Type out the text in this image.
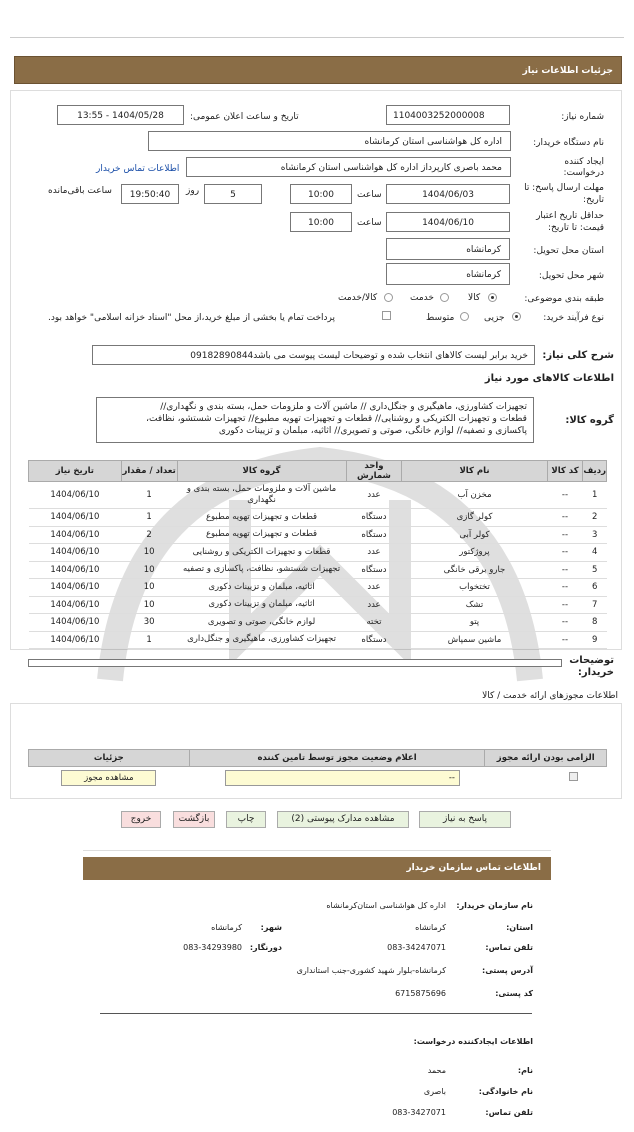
جزئیات اطلاعات نیاز
شماره نیاز:
1104003252000008
تاریخ و ساعت اعلان عمومی:
1404/05/28 - 13:55
نام دستگاه خریدار:
اداره کل هواشناسی استان کرمانشاه
ایجاد کننده
درخواست:
محمد باصری کارپرداز اداره کل هواشناسی استان کرمانشاه
اطلاعات تماس خریدار
مهلت ارسال پاسخ: تا
تاریخ:
1404/06/03
ساعت
10:00
5
روز
19:50:40
ساعت باقی‌مانده
حداقل تاریخ اعتبار
قیمت: تا تاریخ:
1404/06/10
ساعت
10:00
استان محل تحویل:
کرمانشاه
شهر محل تحویل:
کرمانشاه
طبقه بندی موضوعی:
کالا
خدمت
کالا/خدمت
نوع فرآیند خرید:
جزیی
متوسط
پرداخت تمام یا بخشی از مبلغ خرید،از محل "اسناد خزانه اسلامی" خواهد بود.
شرح کلی نیاز:
خرید برابر لیست کالاهای انتخاب شده و توضیحات لیست پیوست می باشد09182890844
اطلاعات کالاهای مورد نیاز
گروه کالا:
تجهیزات کشاورزی، ماهیگیری و جنگل‌داری // ماشین آلات و ملزومات حمل، بسته بندی و نگهداری//
قطعات و تجهیزات الکتریکی و روشنایی// قطعات و تجهیزات تهویه مطبوع// تجهیزات شستشو، نظافت،
پاکسازی و تصفیه// لوازم خانگی، صوتی و تصویری// اثاثیه، مبلمان و تزیینات دکوری
ردیف	کد کالا	نام کالا	واحد شمارش	گروه کالا	تعداد / مقدار	تاریخ نیاز
1	--	مخزن آب	عدد	ماشین آلات و ملزومات حمل، بسته بندی و نگهداری	1	1404/06/10
2	--	کولر گازی	دستگاه	قطعات و تجهیزات تهویه مطبوع	1	1404/06/10
3	--	کولر آبی	دستگاه	قطعات و تجهیزات تهویه مطبوع	2	1404/06/10
4	--	پروژکتور	عدد	قطعات و تجهیزات الکتریکی و روشنایی	10	1404/06/10
5	--	جارو برقی خانگی	دستگاه	تجهیزات شستشو، نظافت، پاکسازی و تصفیه	10	1404/06/10
6	--	تختخواب	عدد	اثاثیه، مبلمان و تزیینات دکوری	10	1404/06/10
7	--	تشک	عدد	اثاثیه، مبلمان و تزیینات دکوری	10	1404/06/10
8	--	پتو	تخته	لوازم خانگی، صوتی و تصویری	30	1404/06/10
9	--	ماشین سمپاش	دستگاه	تجهیزات کشاورزی، ماهیگیری و جنگل‌داری	1	1404/06/10
توضیحات
خریدار:
اطلاعات مجوزهای ارائه خدمت / کالا
الزامی بودن ارائه مجوز	اعلام وضعیت مجوز توسط تامین کننده	جزئیات

	--	مشاهده مجوز
پاسخ به نیاز
مشاهده مدارک پیوستی (2)
چاپ
بازگشت
خروج
اطلاعات تماس سازمان خریدار
نام سازمان خریدار:
اداره کل هواشناسی استان‌کرمانشاه
استان:
کرمانشاه
شهر:
کرمانشاه
تلفن تماس:
083-34247071
دورنگار:
083-34293980
آدرس پستی:
کرمانشاه-بلوار شهید کشوری-جنب استانداری
کد پستی:
6715875696
اطلاعات ایجادکننده درخواست:
نام:
محمد
نام خانوادگی:
باصری
تلفن تماس:
083-3427071
